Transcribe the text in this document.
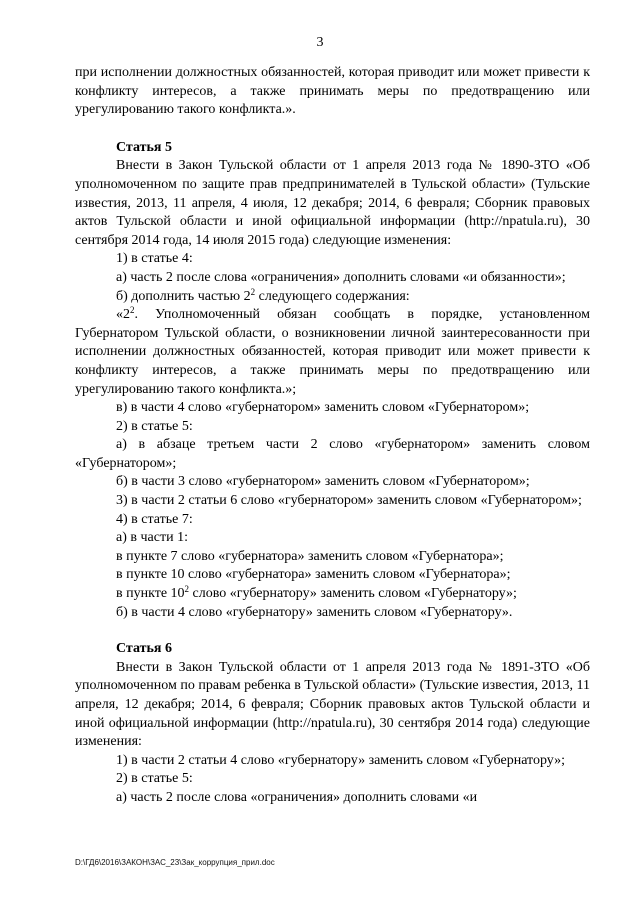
3

при исполнении должностных обязанностей, которая приводит или может привести к конфликту интересов, а также принимать меры по предотвращению или урегулированию такого конфликта.».

Статья 5

Внести в Закон Тульской области от 1 апреля 2013 года № 1890-ЗТО «Об уполномоченном по защите прав предпринимателей в Тульской области» (Тульские известия, 2013, 11 апреля, 4 июля, 12 декабря; 2014, 6 февраля; Сборник правовых актов Тульской области и иной официальной информации (http://npatula.ru), 30 сентября 2014 года, 14 июля 2015 года) следующие изменения:

1) в статье 4:

а) часть 2 после слова «ограничения» дополнить словами «и обязанности»;

б) дополнить частью $2^2$ следующего содержания:

«$2^2$. Уполномоченный обязан сообщать в порядке, установленном Губернатором Тульской области, о возникновении личной заинтересованности при исполнении должностных обязанностей, которая приводит или может привести к конфликту интересов, а также принимать меры по предотвращению или урегулированию такого конфликта.»;

в) в части 4 слово «губернатором» заменить словом «Губернатором»;

2) в статье 5:

а) в абзаце третьем части 2 слово «губернатором» заменить словом «Губернатором»;

б) в части 3 слово «губернатором» заменить словом «Губернатором»;

3) в части 2 статьи 6 слово «губернатором» заменить словом «Губернатором»;

4) в статье 7:

а) в части 1:

в пункте 7 слово «губернатора» заменить словом «Губернатора»;

в пункте 10 слово «губернатора» заменить словом «Губернатора»;

в пункте $10^2$ слово «губернатору» заменить словом «Губернатору»;

б) в части 4 слово «губернатору» заменить словом «Губернатору».

Статья 6

Внести в Закон Тульской области от 1 апреля 2013 года № 1891-ЗТО «Об уполномоченном по правам ребенка в Тульской области» (Тульские известия, 2013, 11 апреля, 12 декабря; 2014, 6 февраля; Сборник правовых актов Тульской области и иной официальной информации (http://npatula.ru), 30 сентября 2014 года) следующие изменения:

1) в части 2 статьи 4 слово «губернатору» заменить словом «Губернатору»;

2) в статье 5:

а) часть 2 после слова «ограничения» дополнить словами «и

D:\ГД6\2016\ЗАКОН\ЗАС_23\Зак_коррупция_прил.doc
